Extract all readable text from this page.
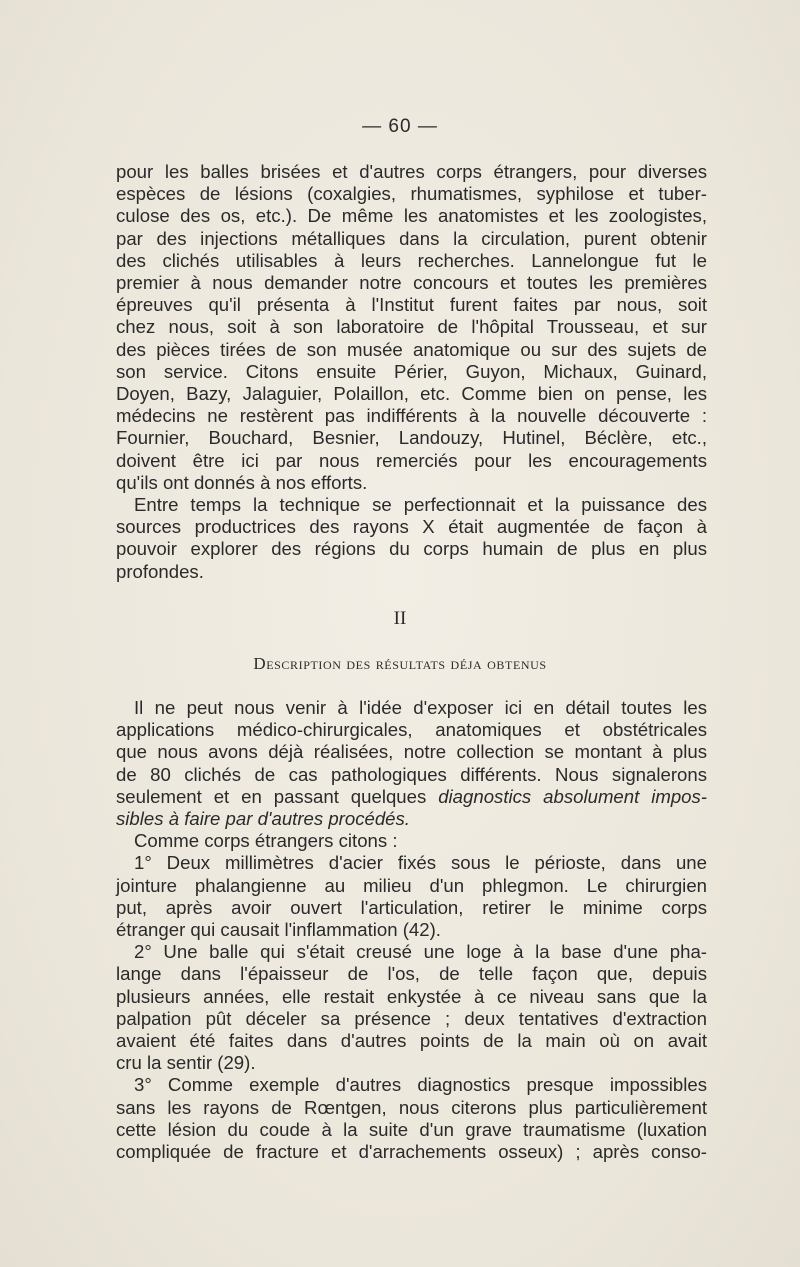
— 60 —
pour les balles brisées et d'autres corps étrangers, pour diverses
espèces de lésions (coxalgies, rhumatismes, syphilose et tuber-
culose des os, etc.). De même les anatomistes et les zoologistes,
par des injections métalliques dans la circulation, purent obtenir
des clichés utilisables à leurs recherches. Lannelongue fut le
premier à nous demander notre concours et toutes les premières
épreuves qu'il présenta à l'Institut furent faites par nous, soit
chez nous, soit à son laboratoire de l'hôpital Trousseau, et sur
des pièces tirées de son musée anatomique ou sur des sujets de
son service. Citons ensuite Périer, Guyon, Michaux, Guinard,
Doyen, Bazy, Jalaguier, Polaillon, etc. Comme bien on pense, les
médecins ne restèrent pas indifférents à la nouvelle découverte :
Fournier, Bouchard, Besnier, Landouzy, Hutinel, Béclère, etc.,
doivent être ici par nous remerciés pour les encouragements
qu'ils ont donnés à nos efforts.
Entre temps la technique se perfectionnait et la puissance des
sources productrices des rayons X était augmentée de façon à
pouvoir explorer des régions du corps humain de plus en plus
profondes.
II
Description des résultats déja obtenus
Il ne peut nous venir à l'idée d'exposer ici en détail toutes les
applications médico-chirurgicales, anatomiques et obstétricales
que nous avons déjà réalisées, notre collection se montant à plus
de 80 clichés de cas pathologiques différents. Nous signalerons
seulement et en passant quelques diagnostics absolument impos-
sibles à faire par d'autres procédés.
Comme corps étrangers citons :
1° Deux millimètres d'acier fixés sous le périoste, dans une
jointure phalangienne au milieu d'un phlegmon. Le chirurgien
put, après avoir ouvert l'articulation, retirer le minime corps
étranger qui causait l'inflammation (42).
2° Une balle qui s'était creusé une loge à la base d'une pha-
lange dans l'épaisseur de l'os, de telle façon que, depuis
plusieurs années, elle restait enkystée à ce niveau sans que la
palpation pût déceler sa présence ; deux tentatives d'extraction
avaient été faites dans d'autres points de la main où on avait
cru la sentir (29).
3° Comme exemple d'autres diagnostics presque impossibles
sans les rayons de Rœntgen, nous citerons plus particulièrement
cette lésion du coude à la suite d'un grave traumatisme (luxation
compliquée de fracture et d'arrachements osseux) ; après conso-
